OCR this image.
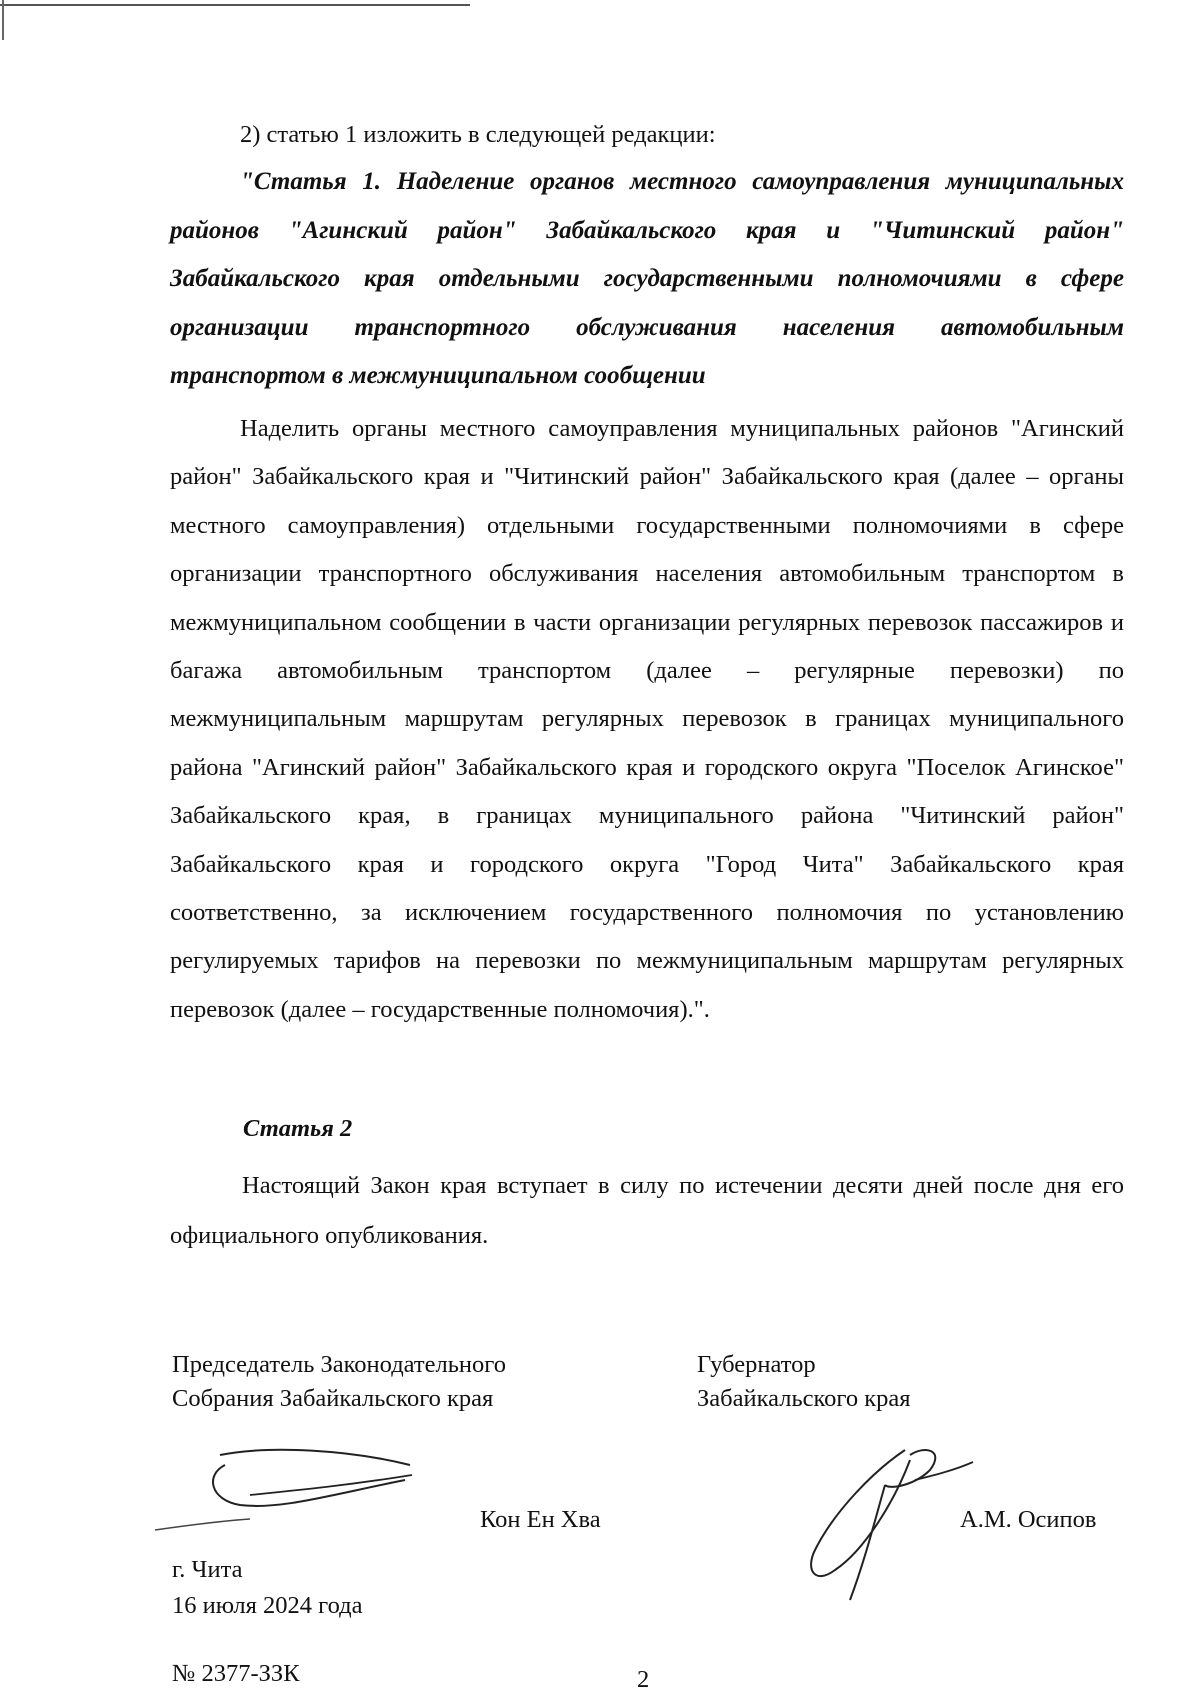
2) статью 1 изложить в следующей редакции:

"Статья 1. Наделение органов местного самоуправления муниципальных районов "Агинский район" Забайкальского края и "Читинский район" Забайкальского края отдельными государственными полномочиями в сфере организации транспортного обслуживания населения автомобильным транспортом в межмуниципальном сообщении

Наделить органы местного самоуправления муниципальных районов "Агинский район" Забайкальского края и "Читинский район" Забайкальского края (далее – органы местного самоуправления) отдельными государственными полномочиями в сфере организации транспортного обслуживания населения автомобильным транспортом в межмуниципальном сообщении в части организации регулярных перевозок пассажиров и багажа автомобильным транспортом (далее – регулярные перевозки) по межмуниципальным маршрутам регулярных перевозок в границах муниципального района "Агинский район" Забайкальского края и городского округа "Поселок Агинское" Забайкальского края, в границах муниципального района "Читинский район" Забайкальского края и городского округа "Город Чита" Забайкальского края соответственно, за исключением государственного полномочия по установлению регулируемых тарифов на перевозки по межмуниципальным маршрутам регулярных перевозок (далее – государственные полномочия).".

Статья 2

Настоящий Закон края вступает в силу по истечении десяти дней после дня его официального опубликования.

Председатель Законодательного
Собрания Забайкальского края
Губернатор
Забайкальского края
Кон Ен Хва	А.М. Осипов
г. Чита
16 июля 2024 года
№ 2377-ЗЗК	2
